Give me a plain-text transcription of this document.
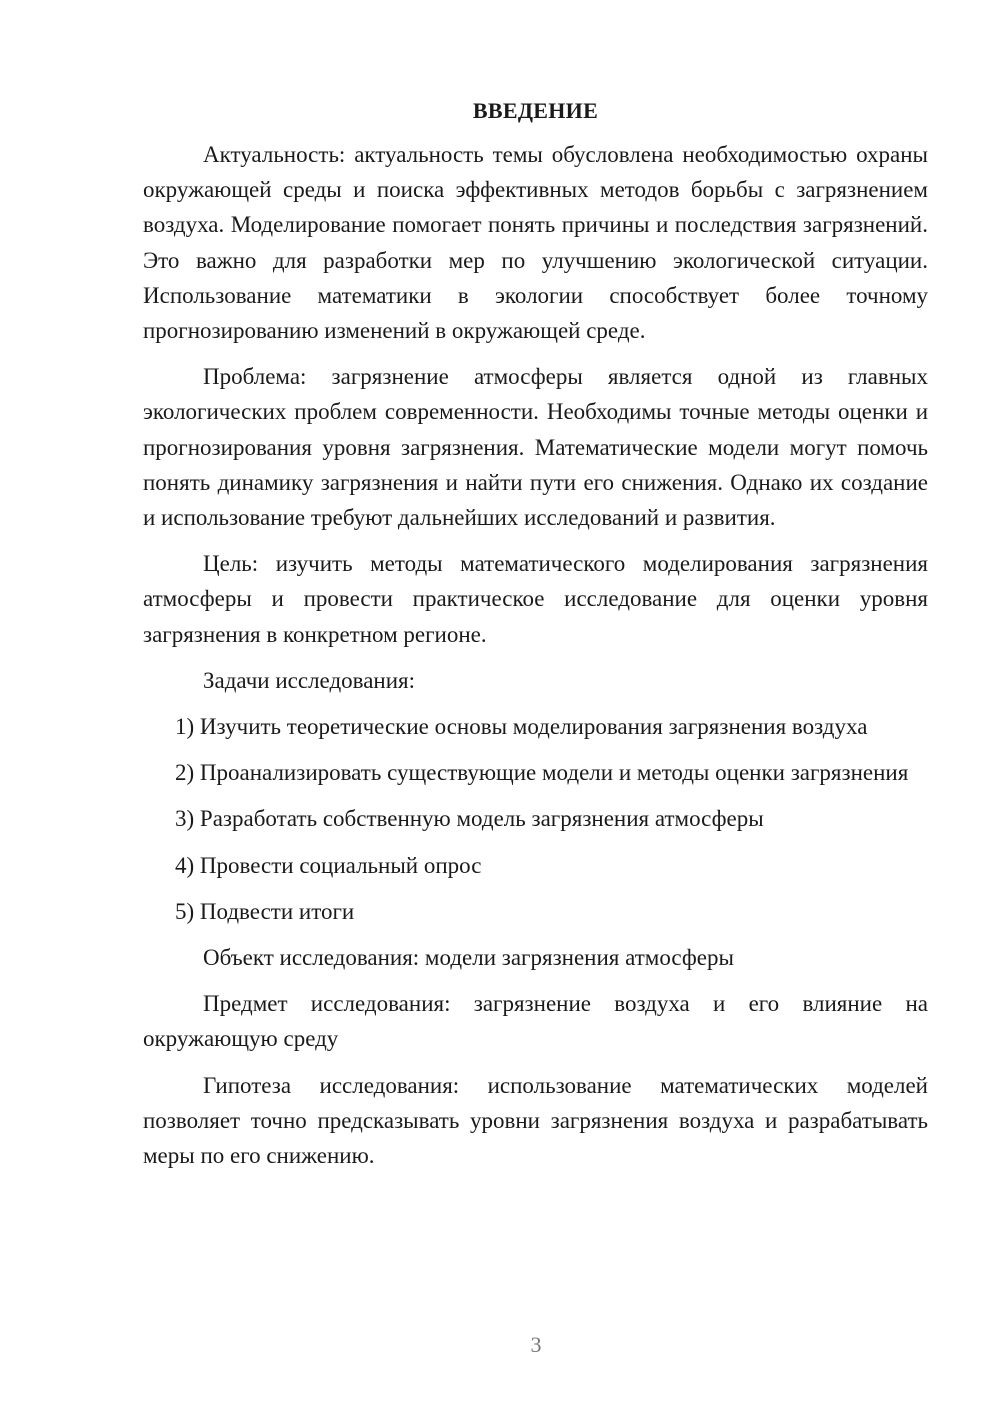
ВВЕДЕНИЕ

Актуальность: актуальность темы обусловлена необходимостью охраны окружающей среды и поиска эффективных методов борьбы с загрязнением воздуха. Моделирование помогает понять причины и последствия загрязнений. Это важно для разработки мер по улучшению экологической ситуации. Использование математики в экологии способствует более точному прогнозированию изменений в окружающей среде.

Проблема: загрязнение атмосферы является одной из главных экологических проблем современности. Необходимы точные методы оценки и прогнозирования уровня загрязнения. Математические модели могут помочь понять динамику загрязнения и найти пути его снижения. Однако их создание и использование требуют дальнейших исследований и развития.

Цель: изучить методы математического моделирования загрязнения атмосферы и провести практическое исследование для оценки уровня загрязнения в конкретном регионе.

Задачи исследования:

1) Изучить теоретические основы моделирования загрязнения воздуха

2) Проанализировать существующие модели и методы оценки загрязнения

3) Разработать собственную модель загрязнения атмосферы

4) Провести социальный опрос

5) Подвести итоги

Объект исследования: модели загрязнения атмосферы

Предмет исследования: загрязнение воздуха и его влияние на окружающую среду

Гипотеза исследования: использование математических моделей позволяет точно предсказывать уровни загрязнения воздуха и разрабатывать меры по его снижению.

3
